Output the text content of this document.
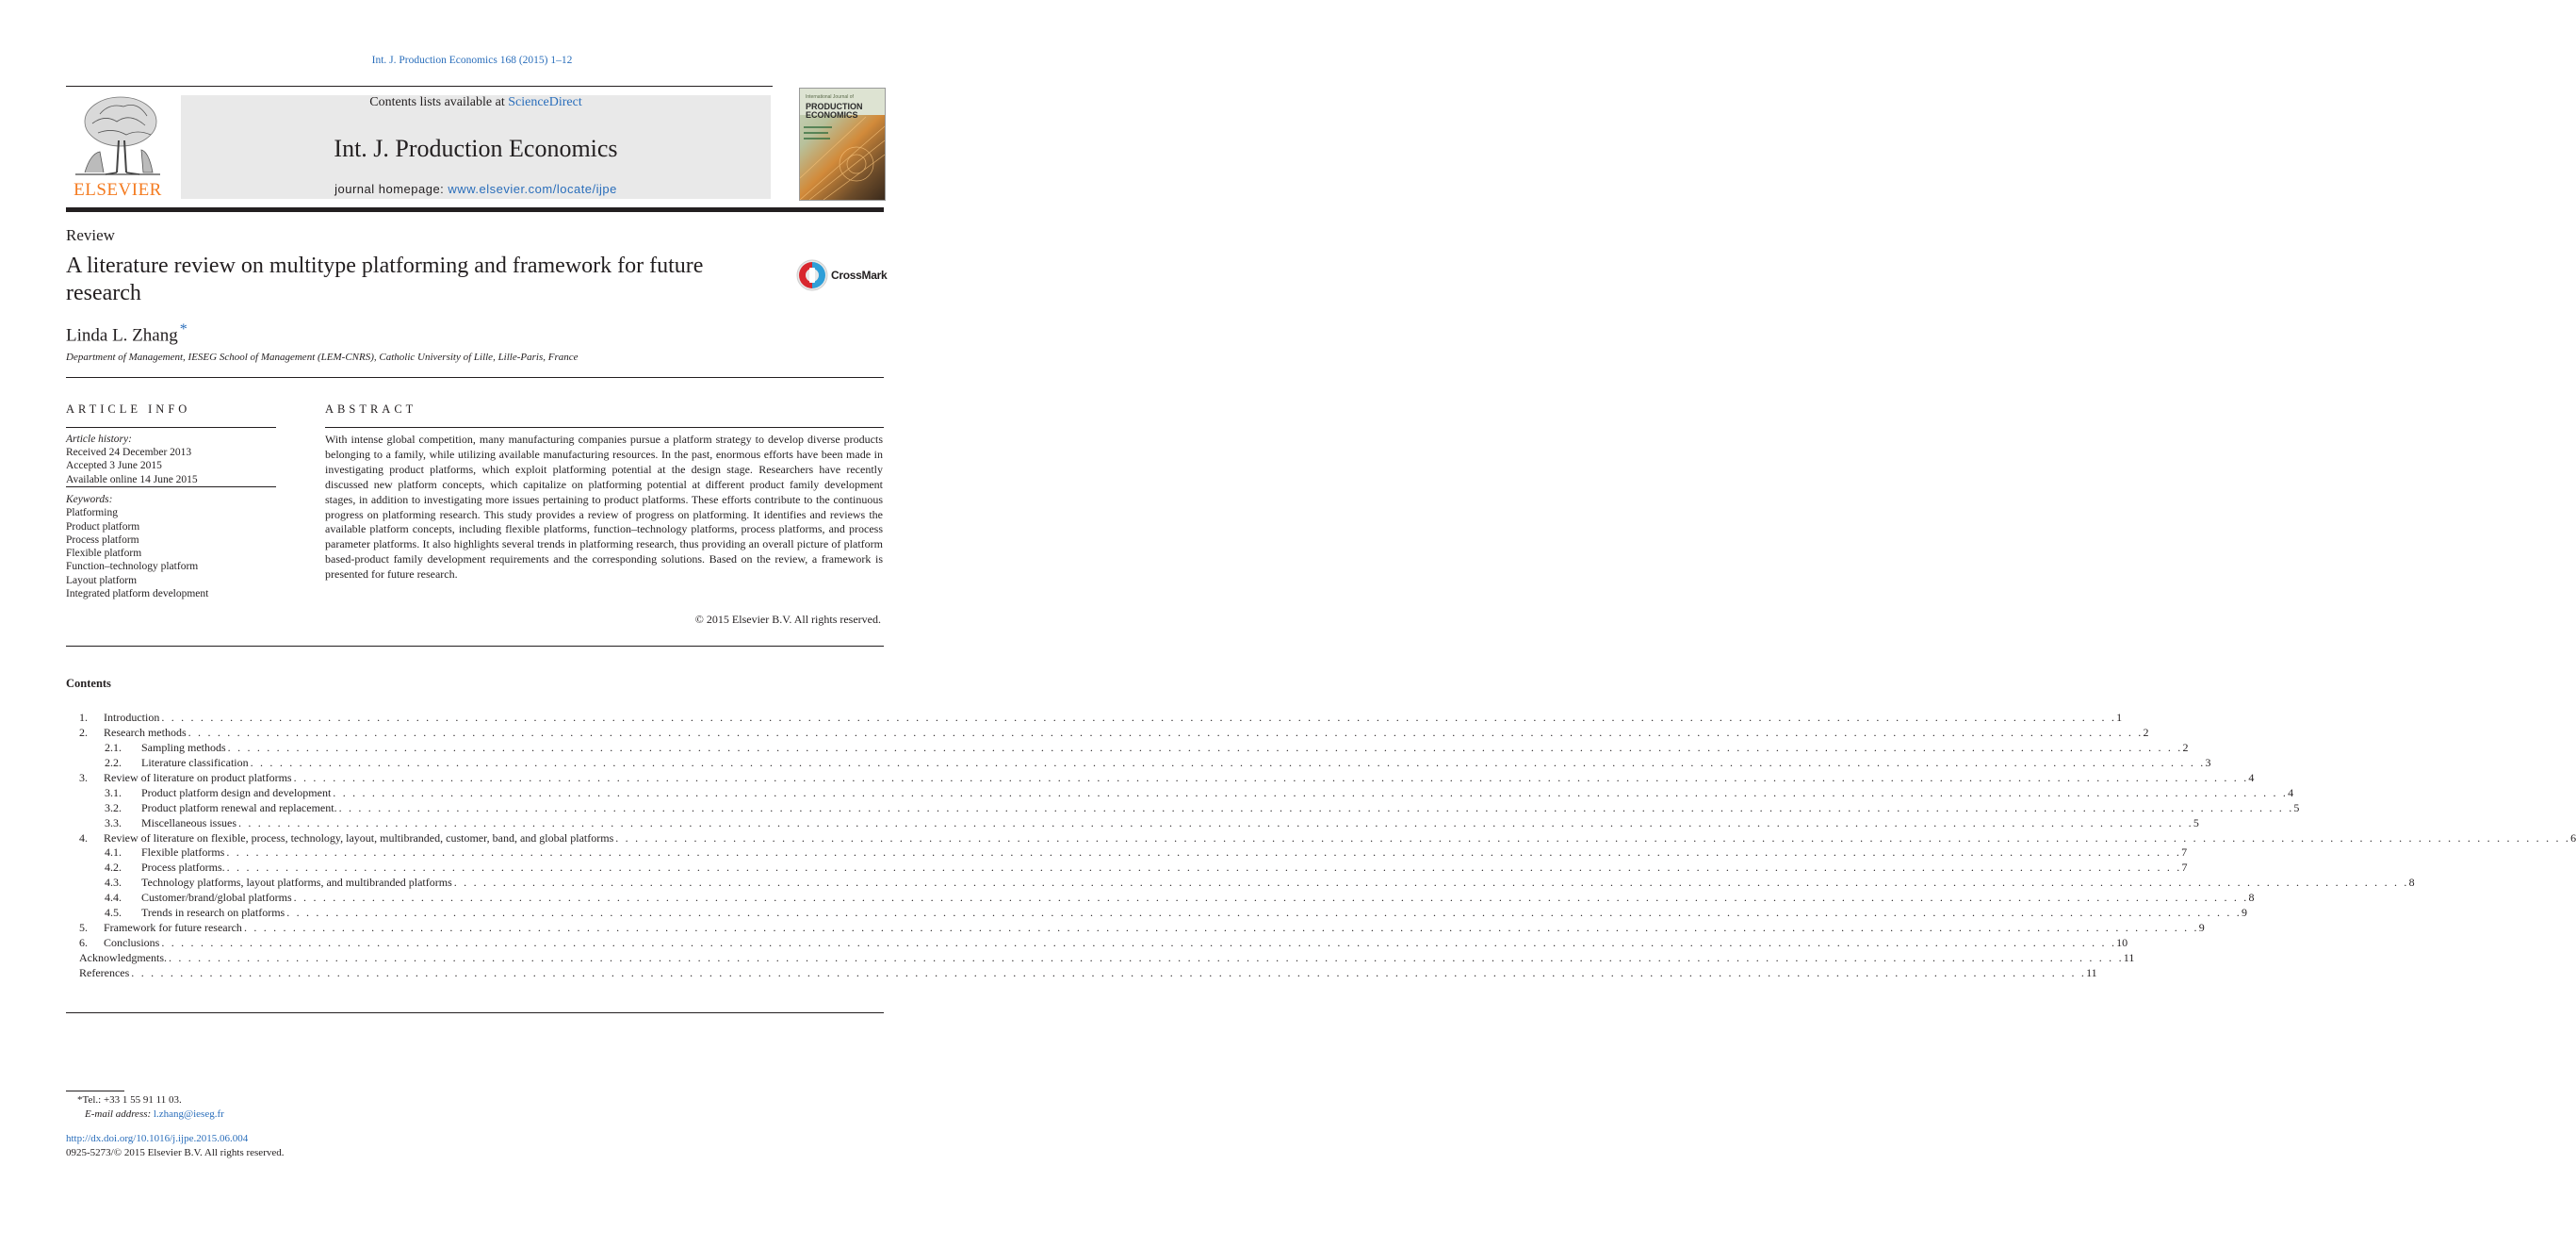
Int. J. Production Economics 168 (2015) 1–12
ELSEVIER
Contents lists available at ScienceDirect
Int. J. Production Economics
journal homepage: www.elsevier.com/locate/ijpe
International Journal of
PRODUCTION
ECONOMICS
Review
A literature review on multitype platforming and framework for future research
CrossMark
Linda L. Zhang *
Department of Management, IESEG School of Management (LEM-CNRS), Catholic University of Lille, Lille-Paris, France
ARTICLE INFO	ABSTRACT
Article history:
Received 24 December 2013
Accepted 3 June 2015
Available online 14 June 2015
Keywords:
Platforming
Product platform
Process platform
Flexible platform
Function–technology platform
Layout platform
Integrated platform development
With intense global competition, many manufacturing companies pursue a platform strategy to develop diverse products belonging to a family, while utilizing available manufacturing resources. In the past, enormous efforts have been made in investigating product platforms, which exploit platforming potential at the design stage. Researchers have recently discussed new platform concepts, which capitalize on platforming potential at different product family development stages, in addition to investigating more issues pertaining to product platforms. These efforts contribute to the continuous progress on platforming research. This study provides a review of progress on platforming. It identifies and reviews the available platform concepts, including flexible platforms, function–technology platforms, process platforms, and process parameter platforms. It also highlights several trends in platforming research, thus providing an overall picture of platform based-product family development requirements and the corresponding solutions. Based on the review, a framework is presented for future research.
© 2015 Elsevier B.V. All rights reserved.
Contents
1. Introduction . . . . . . . . . . . . . . . . . . . . . . . . . . . . . . . . . . . . . . . . . . . . . . . . . . . . . . . . . . . . . . . . . . . . . . . . . . . . . . . . . . . . . . . . . . . . . . . . . . . . . . . . . . . . . . . . . . . . . . . . . . . . . . . . . . . . . . . . . . . . . . . . . . . . . . . . . . . . . . . . . . . . . . . . . . . . . . . . . . . . . . . . . . . . . . . . . . . . . . . . 1
2. Research methods . . . . . . . . . . . . . . . . . . . . . . . . . . . . . . . . . . . . . . . . . . . . . . . . . . . . . . . . . . . . . . . . . . . . . . . . . . . . . . . . . . . . . . . . . . . . . . . . . . . . . . . . . . . . . . . . . . . . . . . . . . . . . . . . . . . . . . . . . . . . . . . . . . . . . . . . . . . . . . . . . . . . . . . . . . . . . . . . . . . . . . . . . . . . . . . . . . . . . . . . 2
2.1. Sampling methods . . . . . . . . . . . . . . . . . . . . . . . . . . . . . . . . . . . . . . . . . . . . . . . . . . . . . . . . . . . . . . . . . . . . . . . . . . . . . . . . . . . . . . . . . . . . . . . . . . . . . . . . . . . . . . . . . . . . . . . . . . . . . . . . . . . . . . . . . . . . . . . . . . . . . . . . . . . . . . . . . . . . . . . . . . . . . . . . . . . . . . . . . . . . . . . . . . . . . . . . 2
2.2. Literature classification . . . . . . . . . . . . . . . . . . . . . . . . . . . . . . . . . . . . . . . . . . . . . . . . . . . . . . . . . . . . . . . . . . . . . . . . . . . . . . . . . . . . . . . . . . . . . . . . . . . . . . . . . . . . . . . . . . . . . . . . . . . . . . . . . . . . . . . . . . . . . . . . . . . . . . . . . . . . . . . . . . . . . . . . . . . . . . . . . . . . . . . . . . . . . . . . . . . . . . . . 3
3. Review of literature on product platforms . . . . . . . . . . . . . . . . . . . . . . . . . . . . . . . . . . . . . . . . . . . . . . . . . . . . . . . . . . . . . . . . . . . . . . . . . . . . . . . . . . . . . . . . . . . . . . . . . . . . . . . . . . . . . . . . . . . . . . . . . . . . . . . . . . . . . . . . . . . . . . . . . . . . . . . . . . . . . . . . . . . . . . . . . . . . . . . . . . . . . . . . . . . . . . . . . . . . . . . . 4
3.1. Product platform design and development . . . . . . . . . . . . . . . . . . . . . . . . . . . . . . . . . . . . . . . . . . . . . . . . . . . . . . . . . . . . . . . . . . . . . . . . . . . . . . . . . . . . . . . . . . . . . . . . . . . . . . . . . . . . . . . . . . . . . . . . . . . . . . . . . . . . . . . . . . . . . . . . . . . . . . . . . . . . . . . . . . . . . . . . . . . . . . . . . . . . . . . . . . . . . . . . . . . . . . . . 4
3.2. Product platform renewal and replacement. . . . . . . . . . . . . . . . . . . . . . . . . . . . . . . . . . . . . . . . . . . . . . . . . . . . . . . . . . . . . . . . . . . . . . . . . . . . . . . . . . . . . . . . . . . . . . . . . . . . . . . . . . . . . . . . . . . . . . . . . . . . . . . . . . . . . . . . . . . . . . . . . . . . . . . . . . . . . . . . . . . . . . . . . . . . . . . . . . . . . . . . . . . . . . . . . . . . . . . . . 5
3.3. Miscellaneous issues . . . . . . . . . . . . . . . . . . . . . . . . . . . . . . . . . . . . . . . . . . . . . . . . . . . . . . . . . . . . . . . . . . . . . . . . . . . . . . . . . . . . . . . . . . . . . . . . . . . . . . . . . . . . . . . . . . . . . . . . . . . . . . . . . . . . . . . . . . . . . . . . . . . . . . . . . . . . . . . . . . . . . . . . . . . . . . . . . . . . . . . . . . . . . . . . . . . . . . . . 5
4. Review of literature on flexible, process, technology, layout, multibranded, customer, band, and global platforms . . . . . . . . . . . . . . . . . . . . . . . . . . . . . . . . . . . . . . . . . . . . . . . . . . . . . . . . . . . . . . . . . . . . . . . . . . . . . . . . . . . . . . . . . . . . . . . . . . . . . . . . . . . . . . . . . . . . . . . . . . . . . . . . . . . . . . . . . . . . . . . . . . . . . . . . . . . . . . . . . . . . . . . . . . . . . . . . . . . . . . . . . . . . . . . . . . . . . . . . 6
4.1. Flexible platforms . . . . . . . . . . . . . . . . . . . . . . . . . . . . . . . . . . . . . . . . . . . . . . . . . . . . . . . . . . . . . . . . . . . . . . . . . . . . . . . . . . . . . . . . . . . . . . . . . . . . . . . . . . . . . . . . . . . . . . . . . . . . . . . . . . . . . . . . . . . . . . . . . . . . . . . . . . . . . . . . . . . . . . . . . . . . . . . . . . . . . . . . . . . . . . . . . . . . . . . . 7
4.2. Process platforms. . . . . . . . . . . . . . . . . . . . . . . . . . . . . . . . . . . . . . . . . . . . . . . . . . . . . . . . . . . . . . . . . . . . . . . . . . . . . . . . . . . . . . . . . . . . . . . . . . . . . . . . . . . . . . . . . . . . . . . . . . . . . . . . . . . . . . . . . . . . . . . . . . . . . . . . . . . . . . . . . . . . . . . . . . . . . . . . . . . . . . . . . . . . . . . . . . . . . . . . . 7
4.3. Technology platforms, layout platforms, and multibranded platforms . . . . . . . . . . . . . . . . . . . . . . . . . . . . . . . . . . . . . . . . . . . . . . . . . . . . . . . . . . . . . . . . . . . . . . . . . . . . . . . . . . . . . . . . . . . . . . . . . . . . . . . . . . . . . . . . . . . . . . . . . . . . . . . . . . . . . . . . . . . . . . . . . . . . . . . . . . . . . . . . . . . . . . . . . . . . . . . . . . . . . . . . . . . . . . . . . . . . . . . . 8
4.4. Customer/brand/global platforms . . . . . . . . . . . . . . . . . . . . . . . . . . . . . . . . . . . . . . . . . . . . . . . . . . . . . . . . . . . . . . . . . . . . . . . . . . . . . . . . . . . . . . . . . . . . . . . . . . . . . . . . . . . . . . . . . . . . . . . . . . . . . . . . . . . . . . . . . . . . . . . . . . . . . . . . . . . . . . . . . . . . . . . . . . . . . . . . . . . . . . . . . . . . . . . . . . . . . . . . 8
4.5. Trends in research on platforms . . . . . . . . . . . . . . . . . . . . . . . . . . . . . . . . . . . . . . . . . . . . . . . . . . . . . . . . . . . . . . . . . . . . . . . . . . . . . . . . . . . . . . . . . . . . . . . . . . . . . . . . . . . . . . . . . . . . . . . . . . . . . . . . . . . . . . . . . . . . . . . . . . . . . . . . . . . . . . . . . . . . . . . . . . . . . . . . . . . . . . . . . . . . . . . . . . . . . . . . 9
5. Framework for future research . . . . . . . . . . . . . . . . . . . . . . . . . . . . . . . . . . . . . . . . . . . . . . . . . . . . . . . . . . . . . . . . . . . . . . . . . . . . . . . . . . . . . . . . . . . . . . . . . . . . . . . . . . . . . . . . . . . . . . . . . . . . . . . . . . . . . . . . . . . . . . . . . . . . . . . . . . . . . . . . . . . . . . . . . . . . . . . . . . . . . . . . . . . . . . . . . . . . . . . . 9
6. Conclusions . . . . . . . . . . . . . . . . . . . . . . . . . . . . . . . . . . . . . . . . . . . . . . . . . . . . . . . . . . . . . . . . . . . . . . . . . . . . . . . . . . . . . . . . . . . . . . . . . . . . . . . . . . . . . . . . . . . . . . . . . . . . . . . . . . . . . . . . . . . . . . . . . . . . . . . . . . . . . . . . . . . . . . . . . . . . . . . . . . . . . . . . . . . . . . . . . . . . . . . . 10
Acknowledgments. . . . . . . . . . . . . . . . . . . . . . . . . . . . . . . . . . . . . . . . . . . . . . . . . . . . . . . . . . . . . . . . . . . . . . . . . . . . . . . . . . . . . . . . . . . . . . . . . . . . . . . . . . . . . . . . . . . . . . . . . . . . . . . . . . . . . . . . . . . . . . . . . . . . . . . . . . . . . . . . . . . . . . . . . . . . . . . . . . . . . . . . . . . . . . . . . . . . . . . . . 11
References . . . . . . . . . . . . . . . . . . . . . . . . . . . . . . . . . . . . . . . . . . . . . . . . . . . . . . . . . . . . . . . . . . . . . . . . . . . . . . . . . . . . . . . . . . . . . . . . . . . . . . . . . . . . . . . . . . . . . . . . . . . . . . . . . . . . . . . . . . . . . . . . . . . . . . . . . . . . . . . . . . . . . . . . . . . . . . . . . . . . . . . . . . . . . . . . . . . . . . . . 11
*Tel.: +33 1 55 91 11 03.
E-mail address: l.zhang@ieseg.fr
http://dx.doi.org/10.1016/j.ijpe.2015.06.004
0925-5273/© 2015 Elsevier B.V. All rights reserved.
